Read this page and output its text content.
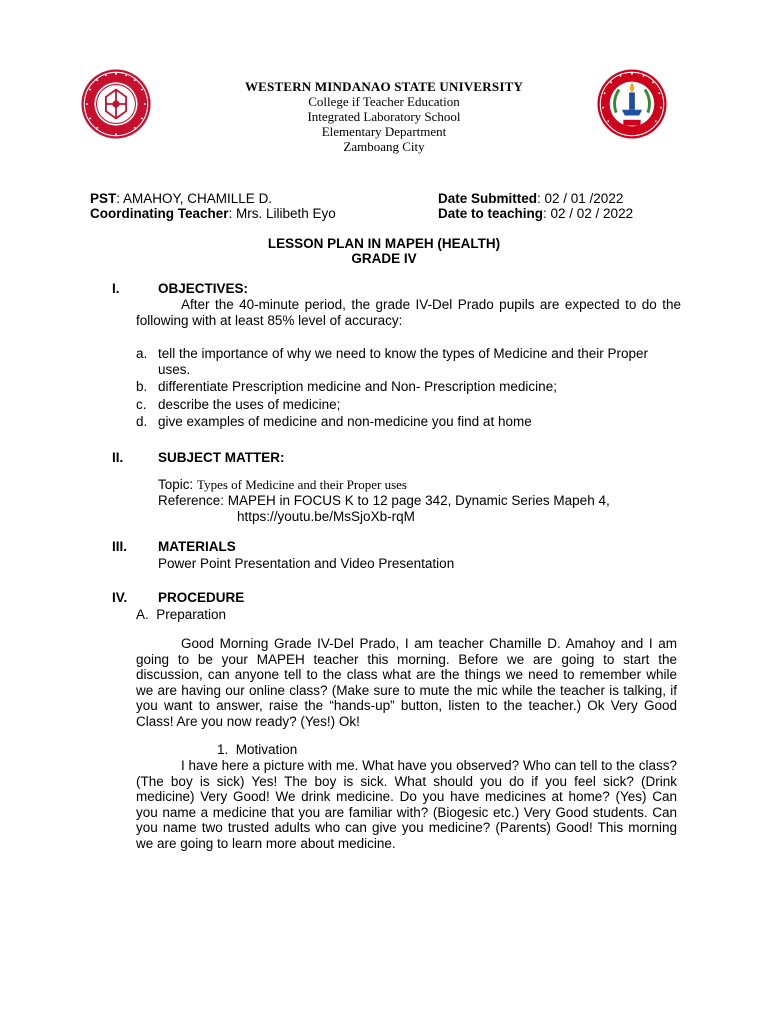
WESTERN MINDANAO STATE UNIVERSITY
College if Teacher Education
Integrated Laboratory School
Elementary Department
Zamboang City
PST: AMAHOY, CHAMILLE D.
Coordinating Teacher: Mrs. Lilibeth Eyo
Date Submitted: 02 / 01 /2022
Date to teaching: 02 / 02 / 2022
LESSON PLAN IN MAPEH (HEALTH)
GRADE IV
I.	OBJECTIVES:
After the 40-minute period, the grade IV-Del Prado pupils are expected to do the following with at least 85% level of accuracy:
a. tell the importance of why we need to know the types of Medicine and their Proper uses.
b. differentiate Prescription medicine and Non- Prescription medicine;
c. describe the uses of medicine;
d. give examples of medicine and non-medicine you find at home
II.	SUBJECT MATTER:
Topic: Types of Medicine and their Proper uses
Reference: MAPEH in FOCUS K to 12 page 342, Dynamic Series Mapeh 4,
https://youtu.be/MsSjoXb-rqM
III. MATERIALS
Power Point Presentation and Video Presentation
IV. PROCEDURE
A.  Preparation
Good Morning Grade IV-Del Prado, I am teacher Chamille D. Amahoy and I am going to be your MAPEH teacher this morning. Before we are going to start the discussion, can anyone tell to the class what are the things we need to remember while we are having our online class? (Make sure to mute the mic while the teacher is talking, if you want to answer, raise the “hands-up” button, listen to the teacher.) Ok Very Good Class! Are you now ready? (Yes!) Ok!
1.  Motivation
I have here a picture with me. What have you observed? Who can tell to the class? (The boy is sick) Yes! The boy is sick. What should you do if you feel sick? (Drink medicine) Very Good! We drink medicine. Do you have medicines at home? (Yes) Can you name a medicine that you are familiar with? (Biogesic etc.) Very Good students. Can you name two trusted adults who can give you medicine? (Parents) Good! This morning we are going to learn more about medicine.
